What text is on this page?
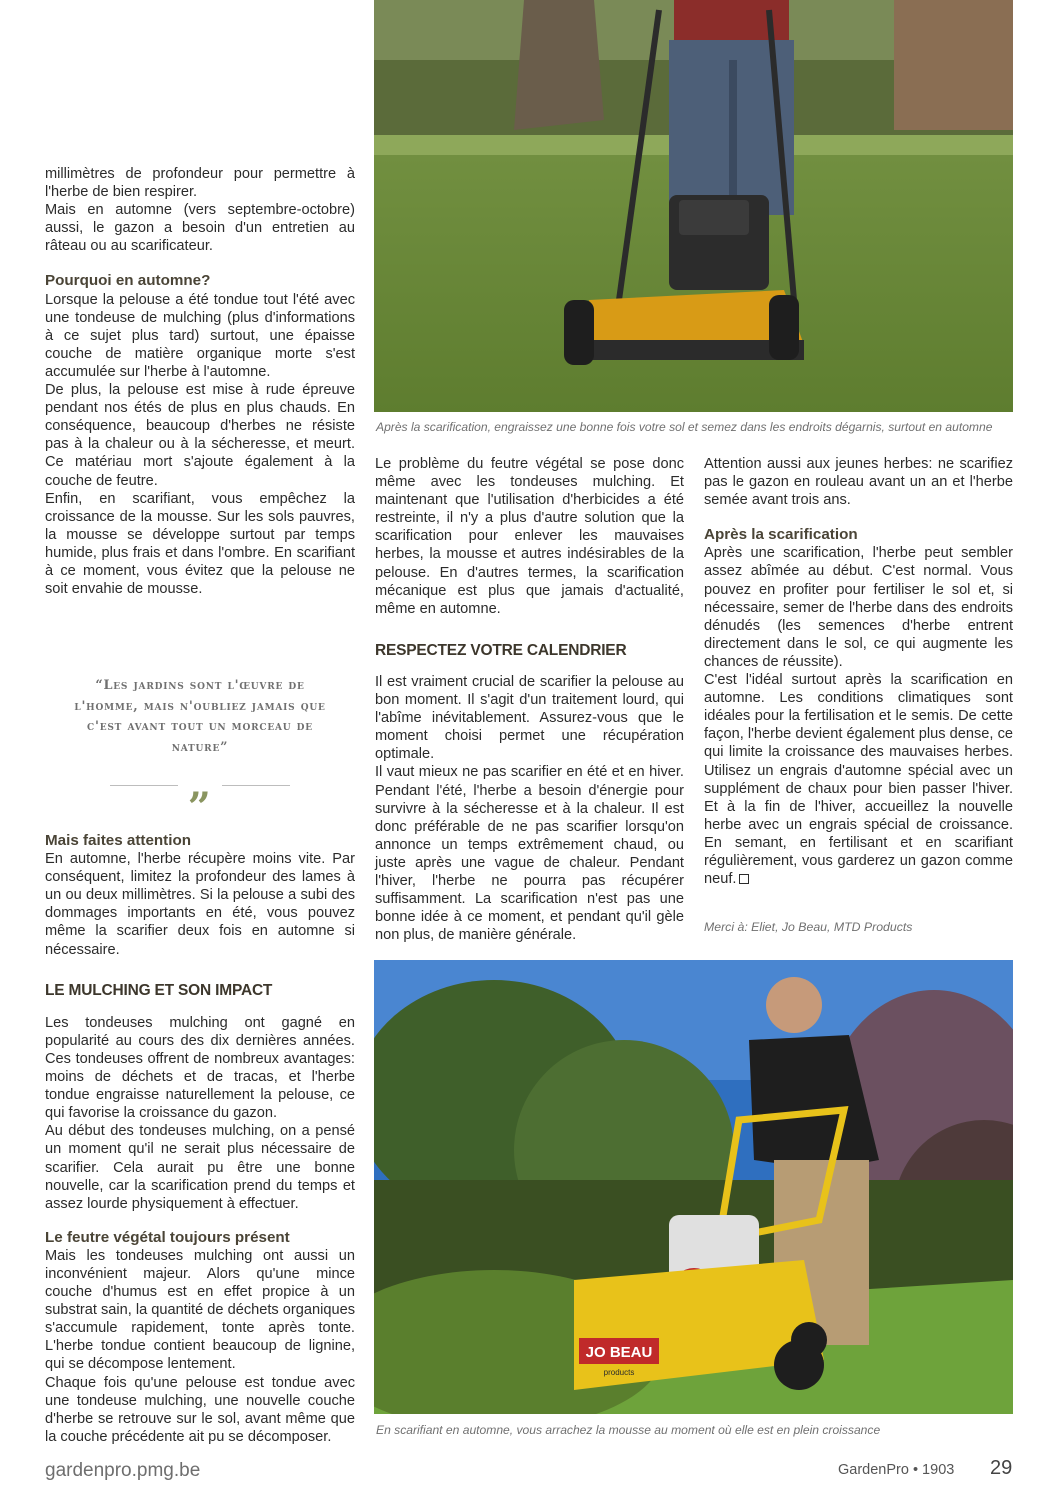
Après la scarification, engraissez une bonne fois votre sol et semez dans les endroits dégarnis, surtout en automne

millimètres de profondeur pour permettre à l'herbe de bien respirer.

Mais en automne (vers septembre-octobre) aussi, le gazon a besoin d'un entretien au râteau ou au scarificateur.

Pourquoi en automne?

Lorsque la pelouse a été tondue tout l'été avec une tondeuse de mulching (plus d'informations à ce sujet plus tard) surtout, une épaisse couche de matière organique morte s'est accumulée sur l'herbe à l'automne.

De plus, la pelouse est mise à rude épreuve pendant nos étés de plus en plus chauds. En conséquence, beaucoup d'herbes ne résiste pas à la chaleur ou à la sécheresse, et meurt. Ce matériau mort s'ajoute également à la couche de feutre.

Enfin, en scarifiant, vous empêchez la croissance de la mousse. Sur les sols pauvres, la mousse se développe surtout par temps humide, plus frais et dans l'ombre. En scarifiant à ce moment, vous évitez que la pelouse ne soit envahie de mousse.

“Les jardins sont l'œuvre de l'homme, mais n'oubliez jamais que c'est avant tout un morceau de nature”
„
Mais faites attention

En automne, l'herbe récupère moins vite. Par conséquent, limitez la profondeur des lames à un ou deux millimètres. Si la pelouse a subi des dommages importants en été, vous pouvez même la scarifier deux fois en automne si nécessaire.

LE MULCHING ET SON IMPACT

Les tondeuses mulching ont gagné en popularité au cours des dix dernières années. Ces tondeuses offrent de nombreux avantages: moins de déchets et de tracas, et l'herbe tondue engraisse naturellement la pelouse, ce qui favorise la croissance du gazon.

Au début des tondeuses mulching, on a pensé un moment qu'il ne serait plus nécessaire de scarifier. Cela aurait pu être une bonne nouvelle, car la scarification prend du temps et assez lourde physiquement à effectuer.

Le feutre végétal toujours présent

Mais les tondeuses mulching ont aussi un inconvénient majeur. Alors qu'une mince couche d'humus est en effet propice à un substrat sain, la quantité de déchets organiques s'accumule rapidement, tonte après tonte. L'herbe tondue contient beaucoup de lignine, qui se décompose lentement.

Chaque fois qu'une pelouse est tondue avec une tondeuse mulching, une nouvelle couche d'herbe se retrouve sur le sol, avant même que la couche précédente ait pu se décomposer.

Le problème du feutre végétal se pose donc même avec les tondeuses mulching. Et maintenant que l'utilisation d'herbicides a été restreinte, il n'y a plus d'autre solution que la scarification pour enlever les mauvaises herbes, la mousse et autres indésirables de la pelouse. En d'autres termes, la scarification mécanique est plus que jamais d'actualité, même en automne.

RESPECTEZ VOTRE CALENDRIER

Il est vraiment crucial de scarifier la pelouse au bon moment. Il s'agit d'un traitement lourd, qui l'abîme inévitablement. Assurez-vous que le moment choisi permet une récupération optimale.

Il vaut mieux ne pas scarifier en été et en hiver. Pendant l'été, l'herbe a besoin d'énergie pour survivre à la sécheresse et à la chaleur. Il est donc préférable de ne pas scarifier lorsqu'on annonce un temps extrêmement chaud, ou juste après une vague de chaleur. Pendant l'hiver, l'herbe ne pourra pas récupérer suffisamment. La scarification n'est pas une bonne idée à ce moment, et pendant qu'il gèle non plus, de manière générale.

Attention aussi aux jeunes herbes: ne scarifiez pas le gazon en rouleau avant un an et l'herbe semée avant trois ans.

Après la scarification

Après une scarification, l'herbe peut sembler assez abîmée au début. C'est normal. Vous pouvez en profiter pour fertiliser le sol et, si nécessaire, semer de l'herbe dans des endroits dénudés (les semences d'herbe entrent directement dans le sol, ce qui augmente les chances de réussite).

C'est l'idéal surtout après la scarification en automne. Les conditions climatiques sont idéales pour la fertilisation et le semis. De cette façon, l'herbe devient également plus dense, ce qui limite la croissance des mauvaises herbes. Utilisez un engrais d'automne spécial avec un supplément de chaux pour bien passer l'hiver. Et à la fin de l'hiver, accueillez la nouvelle herbe avec un engrais spécial de croissance. En semant, en fertilisant et en scarifiant régulièrement, vous garderez un gazon comme neuf.

Merci à: Eliet, Jo Beau, MTD Products

JO BEAU
products
En scarifiant en automne, vous arrachez la mousse au moment où elle est en plein croissance
gardenpro.pmg.be	GardenPro • 1903 29
